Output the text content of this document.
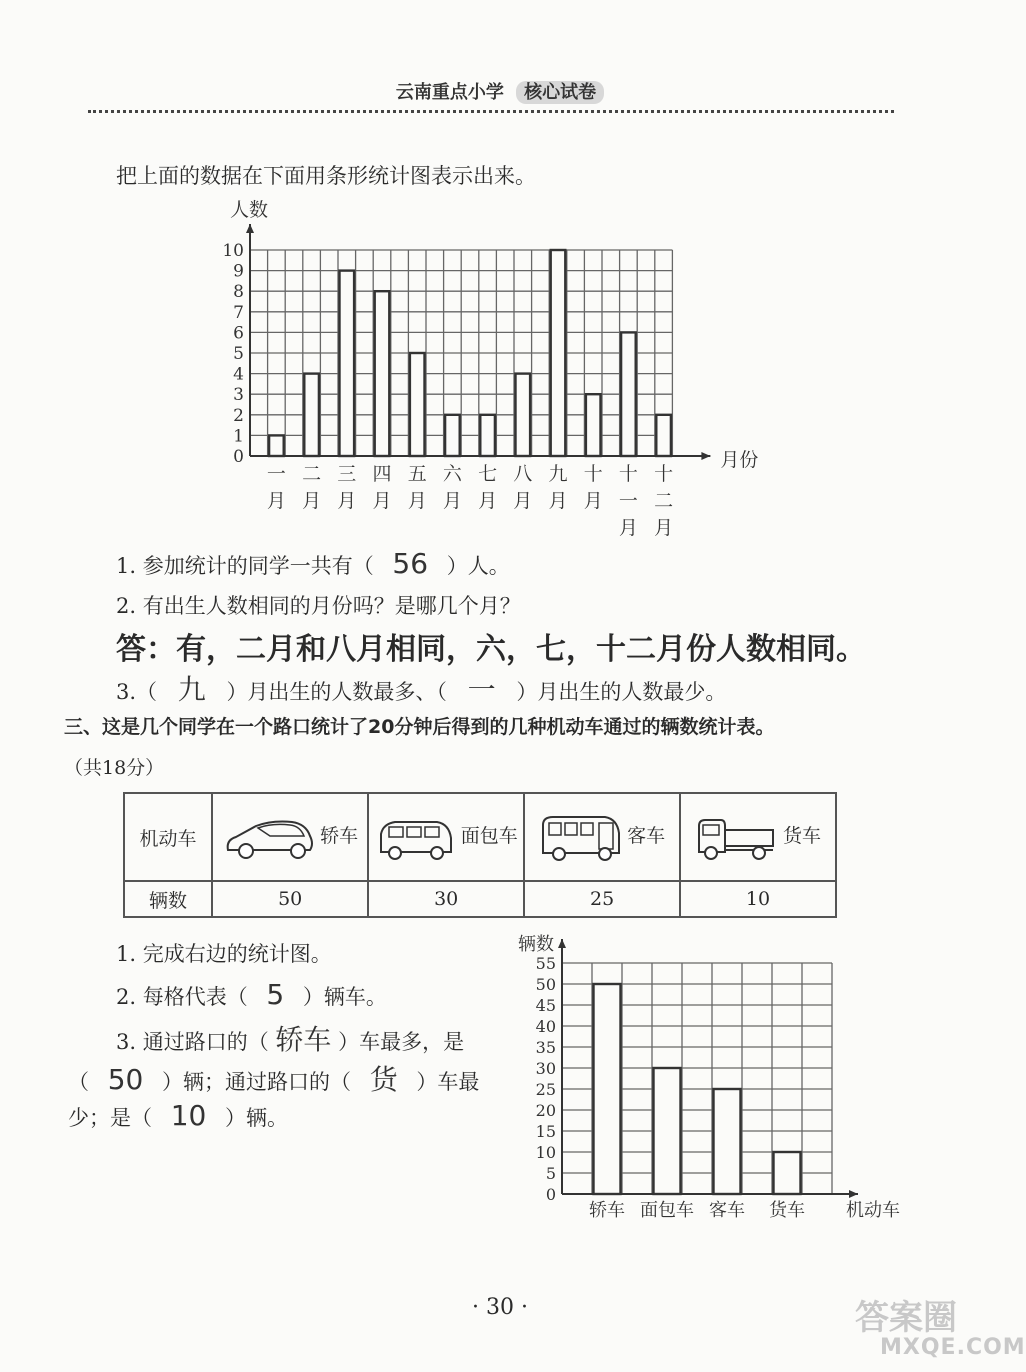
云南重点小学 核心试卷
把上面的数据在下面用条形统计图表示出来。
0
1
2
3
4
5
6
7
8
9
10
人数
月份
一
月
二
月
三
月
四
月
五
月
六
月
七
月
八
月
九
月
十
月
十
一
月
十
二
月
1. 参加统计的同学一共有（ 56 ）人。
2. 有出生人数相同的月份吗？是哪几个月？
答：有，二月和八月相同，六，七，十二月份人数相同。
3.（ 九 ）月出生的人数最多、（ 一 ）月出生的人数最少。
三、这是几个同学在一个路口统计了20分钟后得到的几种机动车通过的辆数统计表。
（共18分）
机动车	轿车	面包车	客车	货车
辆数	50	30	25	10
1. 完成右边的统计图。
2. 每格代表（ 5 ）辆车。
3. 通过路口的（ 轿车 ）车最多，是
（ 50 ）辆；通过路口的（ 货 ）车最
少；是（ 10 ）辆。
0
5
10
15
20
25
30
35
40
45
50
55
辆数
机动车
轿车 面包车 客车 货车
· 30 ·	答案圈
MXQE.COM
